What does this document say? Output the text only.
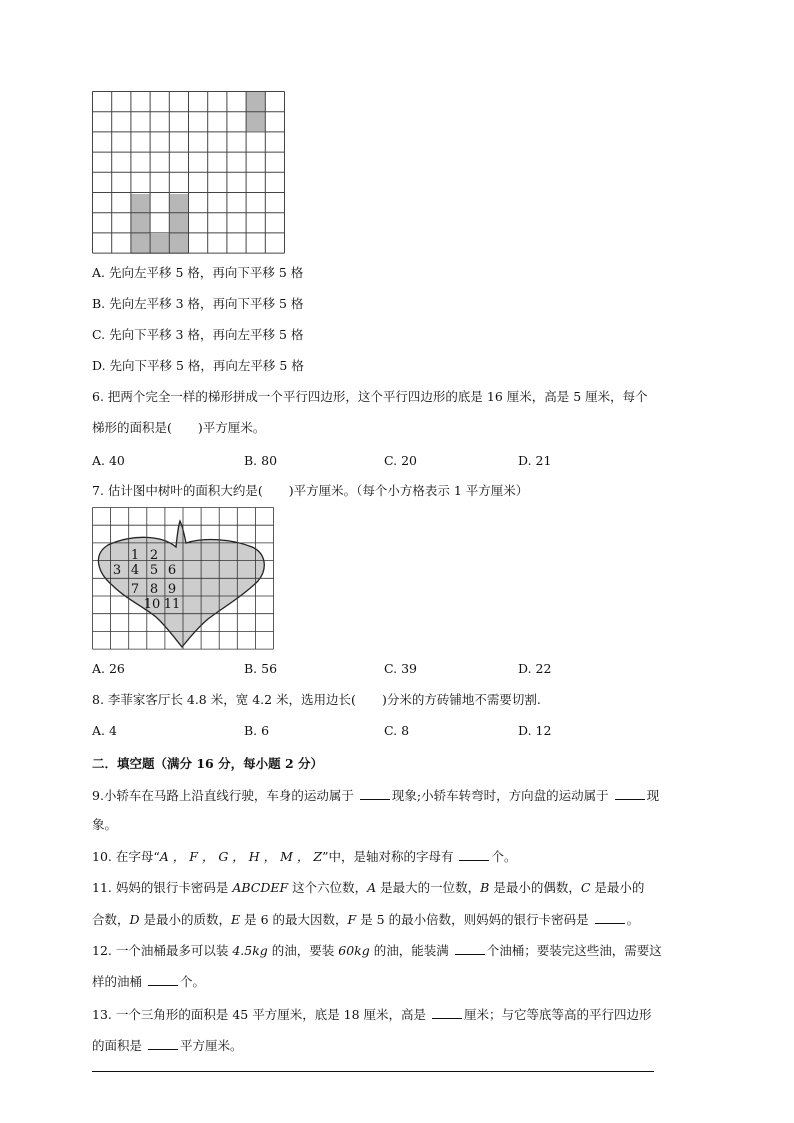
A. 先向左平移 5 格，再向下平移 5 格
B. 先向左平移 3 格，再向下平移 5 格
C. 先向下平移 3 格，再向左平移 5 格
D. 先向下平移 5 格，再向左平移 5 格
6. 把两个完全一样的梯形拼成一个平行四边形，这个平行四边形的底是 16 厘米，高是 5 厘米，每个
梯形的面积是( )平方厘米。
A. 40	B. 80	C. 20	D. 21
7. 估计图中树叶的面积大约是( )平方厘米。（每个小方格表示 1 平方厘米）
1 2
3 4 5 6
7 8 9
10 11
A. 26	B. 56	C. 39	D. 22
8. 李菲家客厅长 4.8 米，宽 4.2 米，选用边长( )分米的方砖铺地不需要切割.
A. 4	B. 6	C. 8	D. 12
二．填空题（满分 16 分，每小题 2 分）
9.小轿车在马路上沿直线行驶，车身的运动属于	现象;小轿车转弯时，方向盘的运动属于	现
象。
10. 在字母“A ， F ， G ， H ， M ， Z”中，是轴对称的字母有	个。
11. 妈妈的银行卡密码是 ABCDEF 这个六位数，A 是最大的一位数，B 是最小的偶数，C 是最小的
合数，D 是最小的质数，E 是 6 的最大因数，F 是 5 的最小倍数，则妈妈的银行卡密码是	。
12. 一个油桶最多可以装 4.5kg 的油，要装 60kg 的油，能装满	个油桶；要装完这些油，需要这
样的油桶	个。
13. 一个三角形的面积是 45 平方厘米，底是 18 厘米，高是	厘米；与它等底等高的平行四边形
的面积是	平方厘米。
